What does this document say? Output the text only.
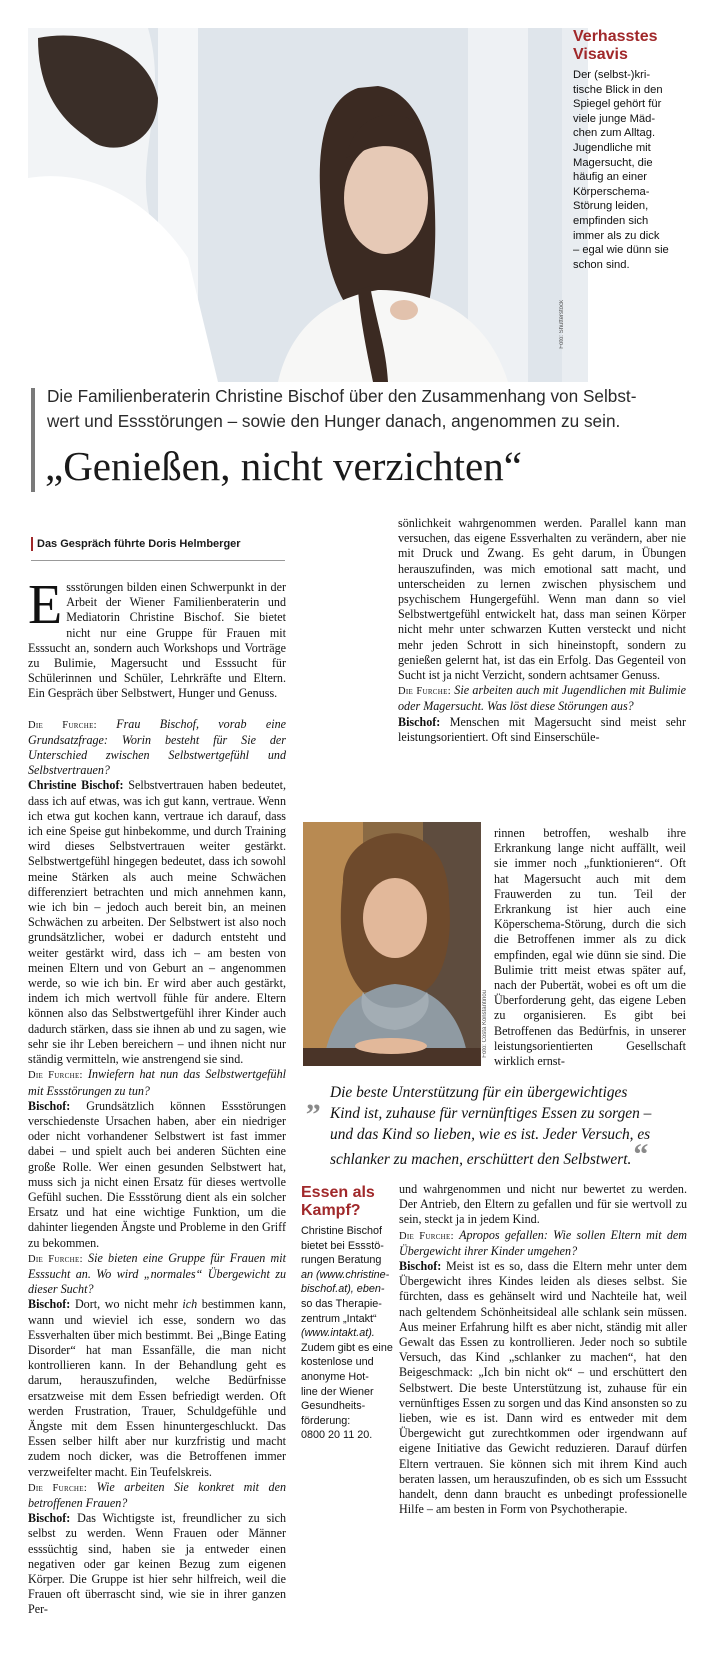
Foto: Shutterstock
Verhasstes
Visavis
Der (selbst-)kri-
tische Blick in den
Spiegel gehört für
viele junge Mäd-
chen zum Alltag.
Jugendliche mit
Magersucht, die
häufig an einer
Körperschema-
Störung leiden,
empfinden sich
immer als zu dick
– egal wie dünn sie
schon sind.

Die Familienberaterin Christine Bischof über den Zusammenhang von Selbst-

wert und Essstörungen – sowie den Hunger danach, angenommen zu sein.

„Genießen, nicht verzichten“
Das Gespräch führte Doris Helmberger

Essstörungen bilden einen Schwerpunkt in der Arbeit der Wiener Familienberaterin und Mediatorin Christine Bischof. Sie bietet nicht nur eine Gruppe für Frauen mit Esssucht an, sondern auch Workshops und Vorträge zu Bulimie, Magersucht und Esssucht für Schülerinnen und Schüler, Lehrkräfte und Eltern. Ein Gespräch über Selbstwert, Hunger und Genuss.

Die Furche: Frau Bischof, vorab eine Grundsatzfrage: Worin besteht für Sie der Unterschied zwischen Selbstwertgefühl und Selbstvertrauen?

Christine Bischof: Selbstvertrauen haben bedeutet, dass ich auf etwas, was ich gut kann, vertraue. Wenn ich etwa gut kochen kann, vertraue ich darauf, dass ich eine Speise gut hinbekomme, und durch Training wird dieses Selbstvertrauen weiter gestärkt. Selbstwertgefühl hingegen bedeutet, dass ich sowohl meine Stärken als auch meine Schwächen differenziert betrachten und mich annehmen kann, wie ich bin – jedoch auch bereit bin, an meinen Schwächen zu arbeiten. Der Selbstwert ist also noch grundsätzlicher, wobei er dadurch entsteht und weiter gestärkt wird, dass ich – am besten von meinen Eltern und von Geburt an – angenommen werde, so wie ich bin. Er wird aber auch gestärkt, indem ich mich wertvoll fühle für andere. Eltern können also das Selbstwertgefühl ihrer Kinder auch dadurch stärken, dass sie ihnen ab und zu sagen, wie sehr sie ihr Leben bereichern – und ihnen nicht nur ständig vermitteln, wie anstrengend sie sind.

Die Furche: Inwiefern hat nun das Selbstwertgefühl mit Essstörungen zu tun?

Bischof: Grundsätzlich können Essstörungen verschiedenste Ursachen haben, aber ein niedriger oder nicht vorhandener Selbstwert ist fast immer dabei – und spielt auch bei anderen Süchten eine große Rolle. Wer einen gesunden Selbstwert hat, muss sich ja nicht einen Ersatz für dieses wertvolle Gefühl suchen. Die Essstörung dient als ein solcher Ersatz und hat eine wichtige Funktion, um die dahinter liegenden Ängste und Probleme in den Griff zu bekommen.

Die Furche: Sie bieten eine Gruppe für Frauen mit Esssucht an. Wo wird „normales“ Übergewicht zu dieser Sucht?

Bischof: Dort, wo nicht mehr ich bestimmen kann, wann und wieviel ich esse, sondern wo das Essverhalten über mich bestimmt. Bei „Binge Eating Disorder“ hat man Essanfälle, die man nicht kontrollieren kann. In der Behandlung geht es darum, herauszufinden, welche Bedürfnisse ersatzweise mit dem Essen befriedigt werden. Oft werden Frustration, Trauer, Schuldgefühle und Ängste mit dem Essen hinuntergeschluckt. Das Essen selber hilft aber nur kurzfristig und macht zudem noch dicker, was die Betroffenen immer verzweifelter macht. Ein Teufelskreis.

Die Furche: Wie arbeiten Sie konkret mit den betroffenen Frauen?

Bischof: Das Wichtigste ist, freundlicher zu sich selbst zu werden. Wenn Frauen oder Männer esssüchtig sind, haben sie ja entweder einen negativen oder gar keinen Bezug zum eigenen Körper. Die Gruppe ist hier sehr hilfreich, weil die Frauen oft überrascht sind, wie sie in ihrer ganzen Per-

sönlichkeit wahrgenommen werden. Parallel kann man versuchen, das eigene Essverhalten zu verändern, aber nie mit Druck und Zwang. Es geht darum, in Übungen herauszufinden, was mich emotional satt macht, und unterscheiden zu lernen zwischen physischem und psychischem Hungergefühl. Wenn man dann so viel Selbstwertgefühl entwickelt hat, dass man seinen Körper nicht mehr unter schwarzen Kutten versteckt und nicht mehr jeden Schrott in sich hineinstopft, sondern zu genießen gelernt hat, ist das ein Erfolg. Das Gegenteil von Sucht ist ja nicht Verzicht, sondern achtsamer Genuss.

Die Furche: Sie arbeiten auch mit Jugendlichen mit Bulimie oder Magersucht. Was löst diese Störungen aus?

Bischof: Menschen mit Magersucht sind meist sehr leistungsorientiert. Oft sind Einserschüle-

rinnen betroffen, weshalb ihre Erkrankung lange nicht auffällt, weil sie immer noch „funktionieren“. Oft hat Magersucht auch mit dem Frauwerden zu tun. Teil der Erkrankung ist hier auch eine Köperschema-Störung, durch die sich die Betroffenen immer als zu dick empfinden, egal wie dünn sie sind. Die Bulimie tritt meist etwas später auf, nach der Pubertät, wobei es oft um die Überforderung geht, das eigene Leben zu organisieren. Es gibt bei Betroffenen das Bedürfnis, in unserer leistungsorientierten Gesellschaft wirklich ernst-

Foto: Costa Konstantinou
„ Die beste Unterstützung für ein übergewichtiges

Kind ist, zuhause für vernünftiges Essen zu sorgen –

und das Kind so lieben, wie es ist. Jeder Versuch, es

schlanker zu machen, erschüttert den Selbstwert.

“
Essen als
Kampf?
Christine Bischof
bietet bei Essstö-
rungen Beratung
an (www.christine-
bischof.at), eben-
so das Therapie-
zentrum „Intakt“
(www.intakt.at).
Zudem gibt es eine
kostenlose und
anonyme Hot-
line der Wiener
Gesundheits-
förderung:
0800 20 11 20.

und wahrgenommen und nicht nur bewertet zu werden. Der Antrieb, den Eltern zu gefallen und für sie wertvoll zu sein, steckt ja in jedem Kind.

Die Furche: Apropos gefallen: Wie sollen Eltern mit dem Übergewicht ihrer Kinder umgehen?

Bischof: Meist ist es so, dass die Eltern mehr unter dem Übergewicht ihres Kindes leiden als dieses selbst. Sie fürchten, dass es gehänselt wird und Nachteile hat, weil nach geltendem Schönheitsideal alle schlank sein müssen. Aus meiner Erfahrung hilft es aber nicht, ständig mit aller Gewalt das Essen zu kontrollieren. Jeder noch so subtile Versuch, das Kind „schlanker zu machen“, hat den Beigeschmack: „Ich bin nicht ok“ – und erschüttert den Selbstwert. Die beste Unterstützung ist, zuhause für ein vernünftiges Essen zu sorgen und das Kind ansonsten so zu lieben, wie es ist. Dann wird es entweder mit dem Übergewicht gut zurechtkommen oder irgendwann auf eigene Initiative das Gewicht reduzieren. Darauf dürfen Eltern vertrauen. Sie können sich mit ihrem Kind auch beraten lassen, um herauszufinden, ob es sich um Esssucht handelt, denn dann braucht es unbedingt professionelle Hilfe – am besten in Form von Psychotherapie.
